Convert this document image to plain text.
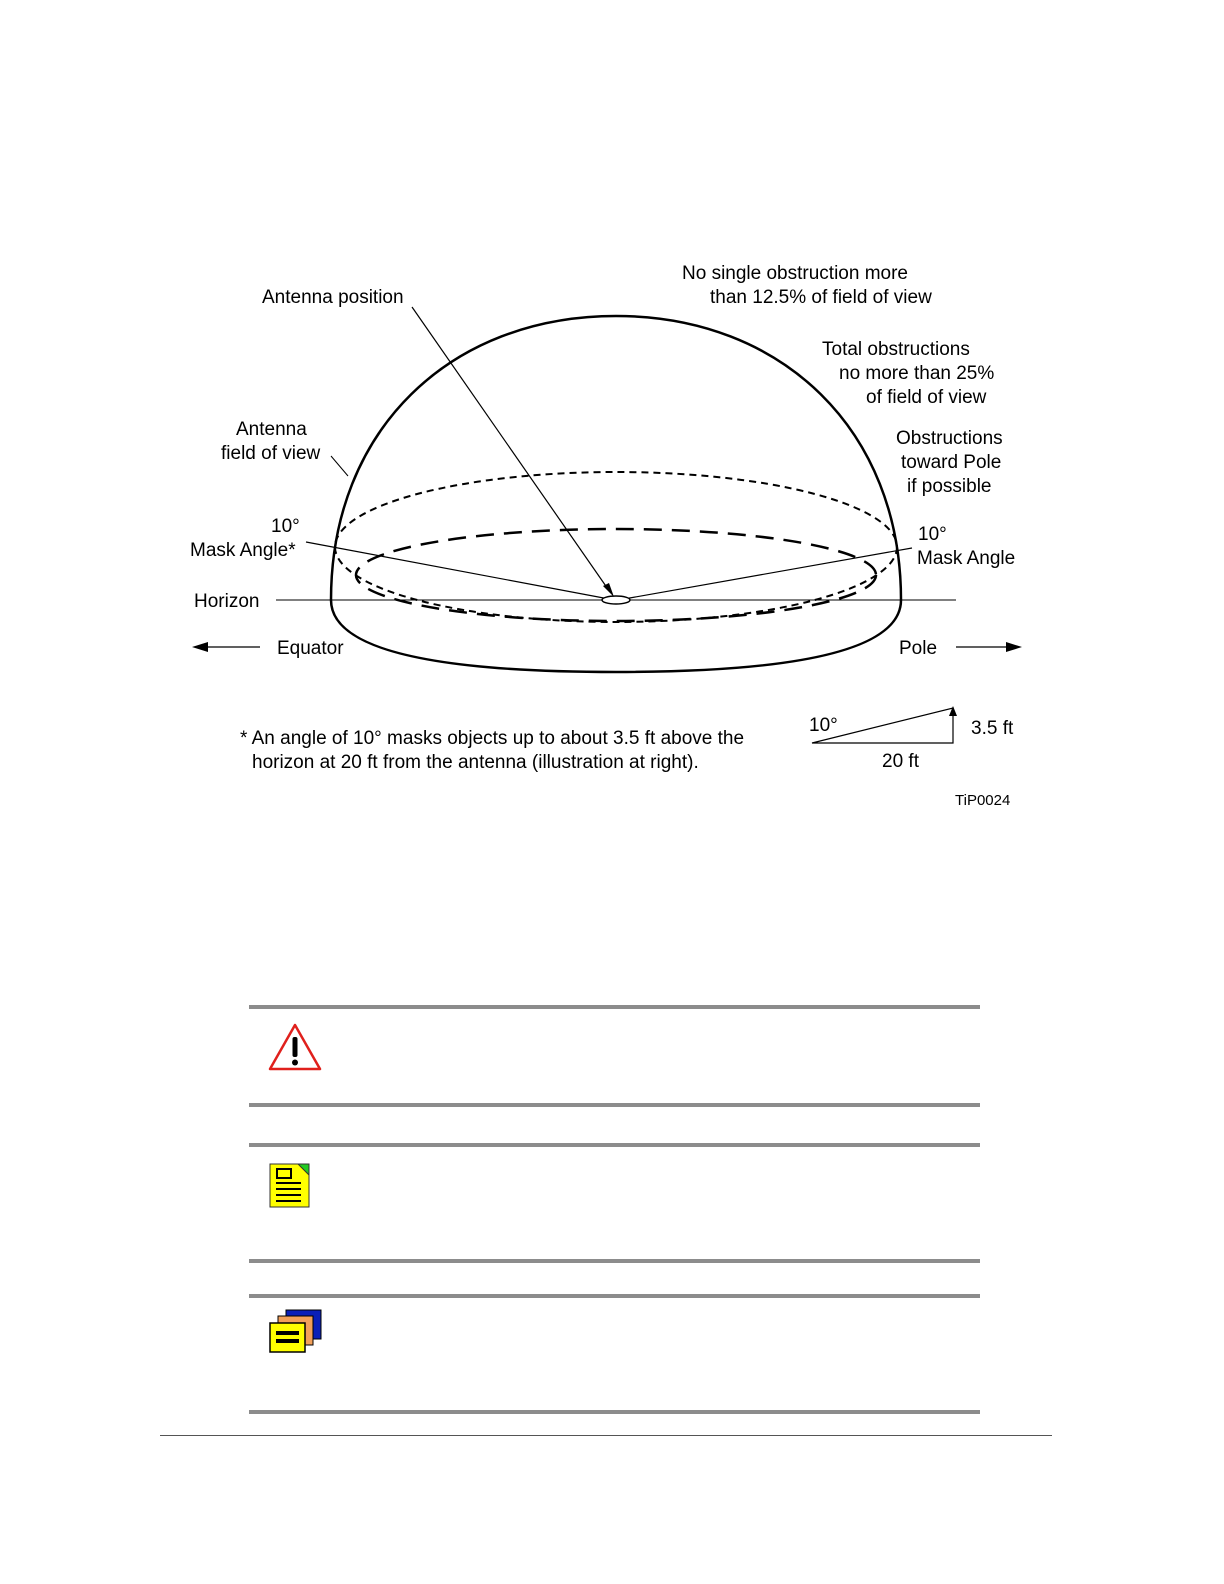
Antenna position
No single obstruction more
than 12.5% of field of view
Total obstructions
no more than 25%
of field of view
Obstructions
toward Pole
if possible
Antenna
field of view
10°
Mask Angle*
10°
Mask Angle
Horizon
Equator	Pole
* An angle of 10° masks objects up to about 3.5 ft above the
horizon at 20 ft from the antenna (illustration at right).
10°	3.5 ft
20 ft
TiP0024
